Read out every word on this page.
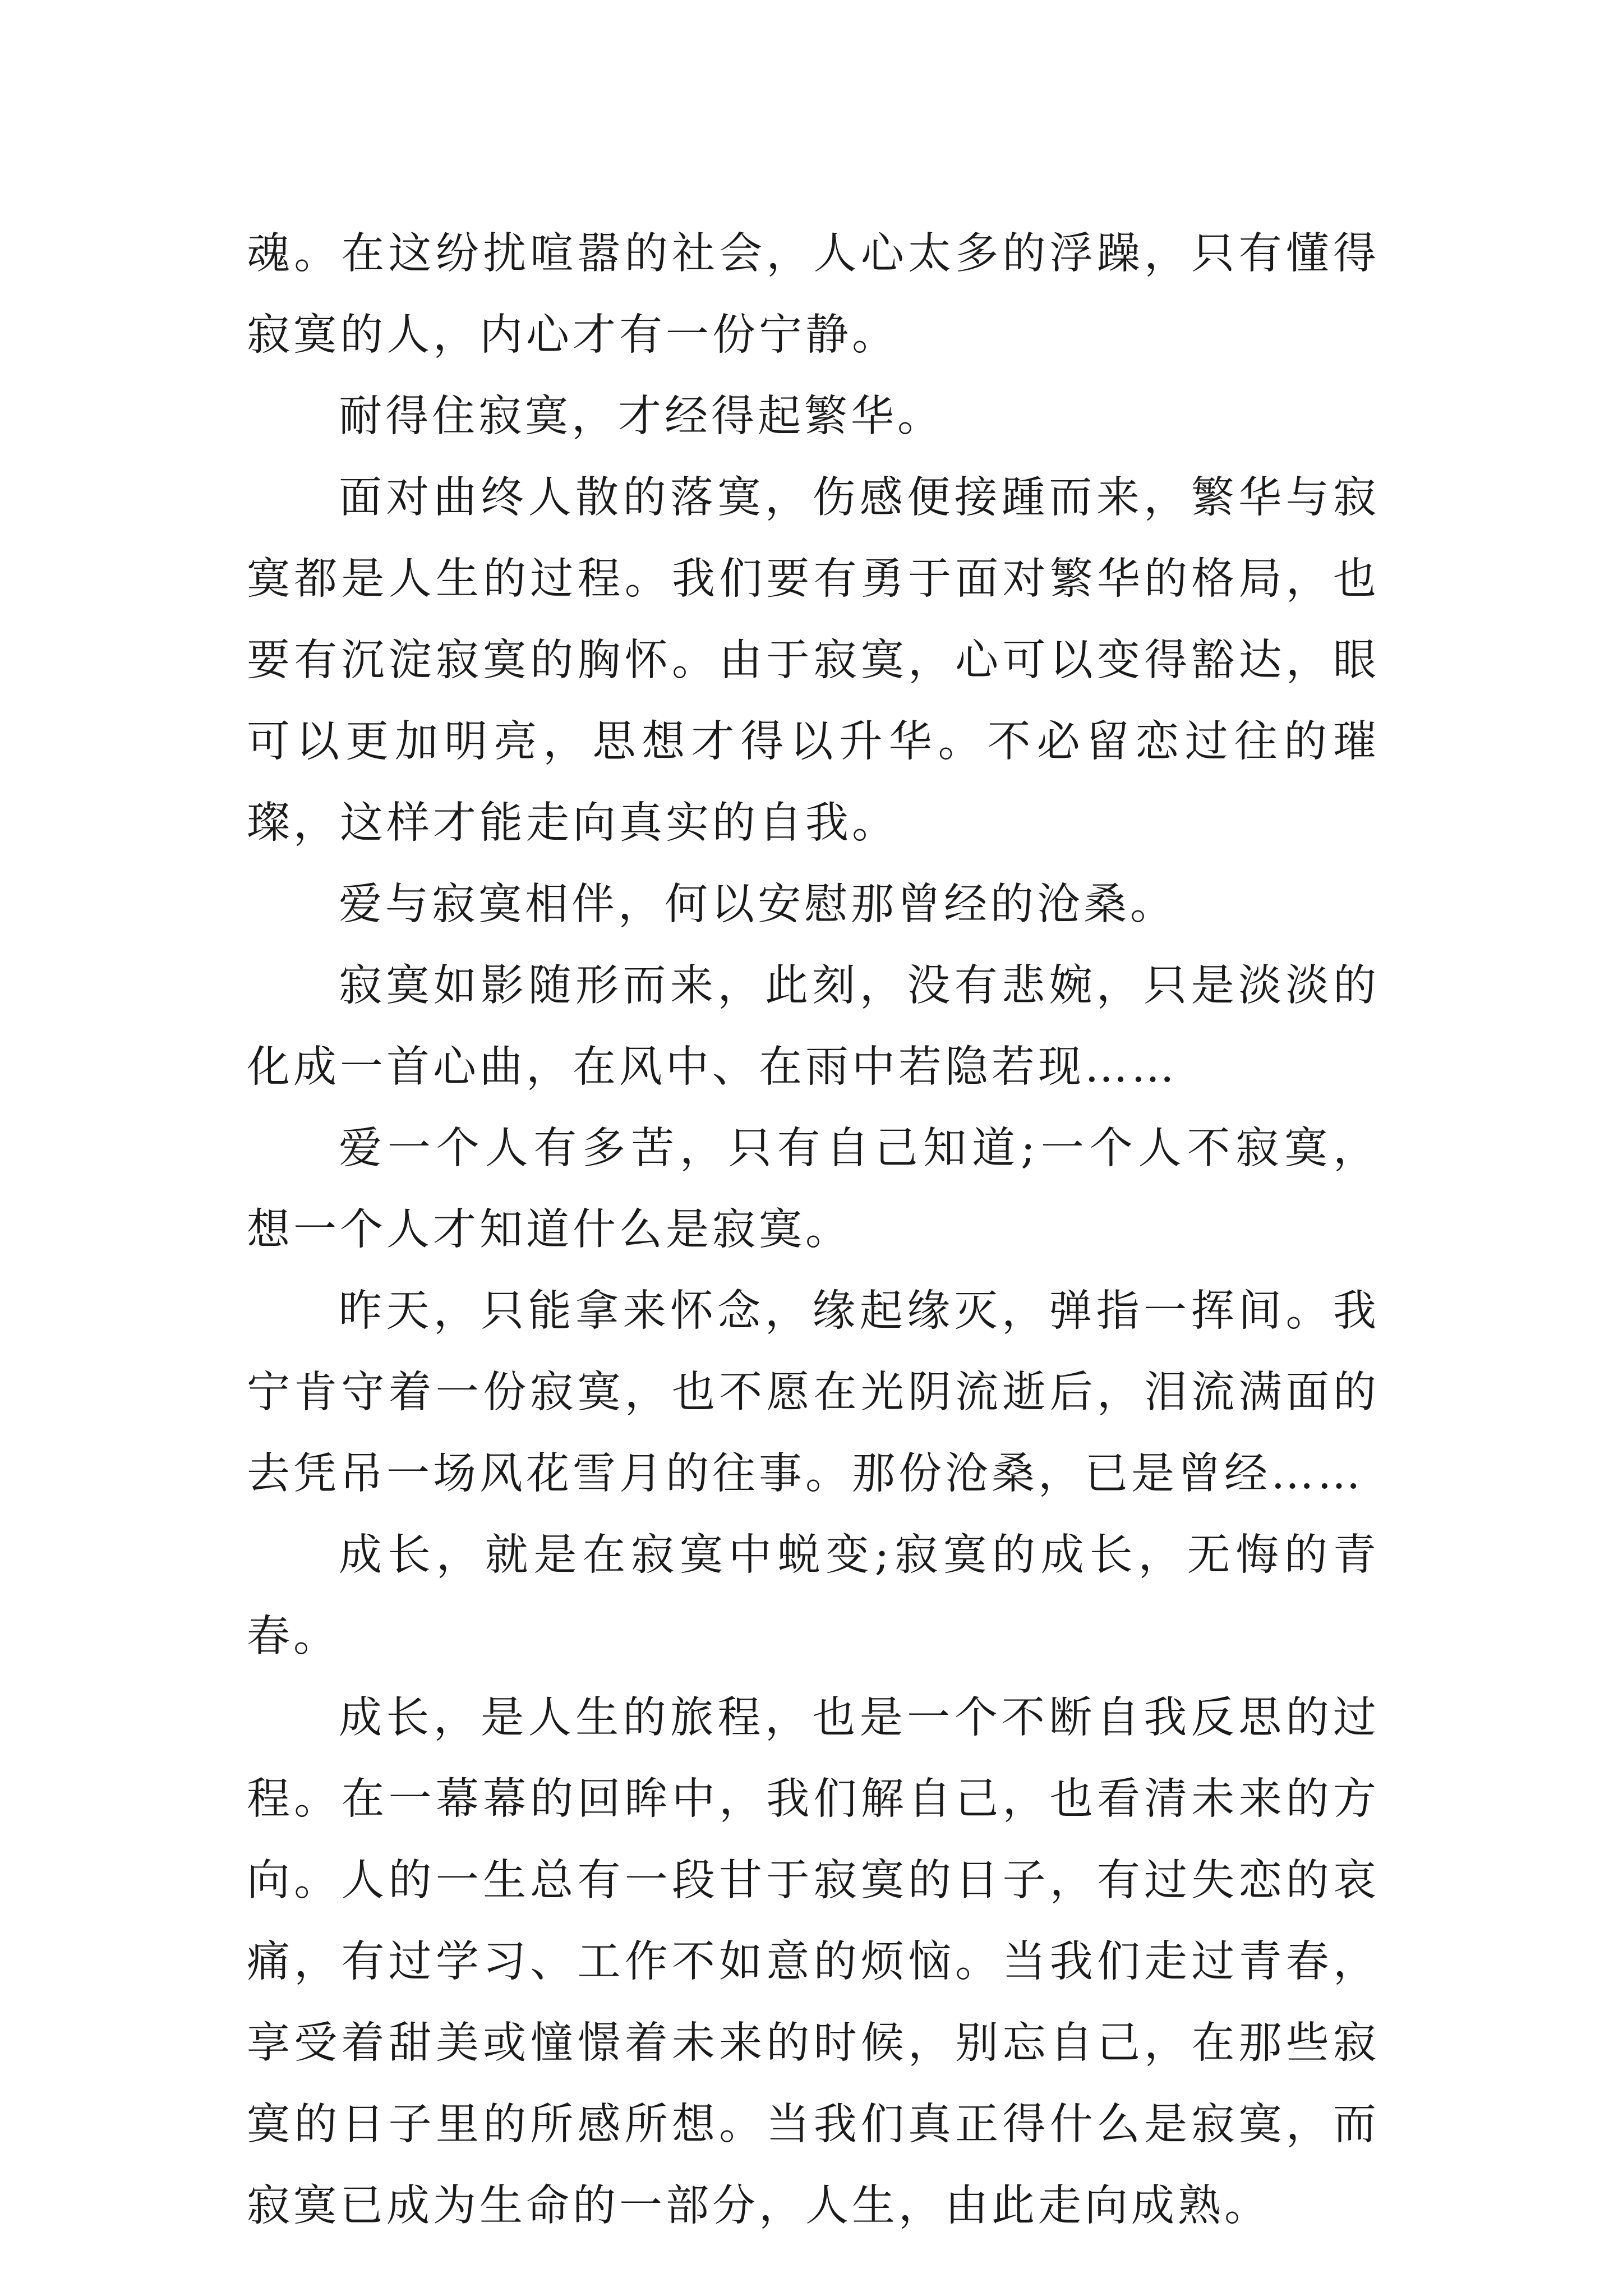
魂。在这纷扰喧嚣的社会，人心太多的浮躁，只有懂得寂寞的人，内心才有一份宁静。

耐得住寂寞，才经得起繁华。

面对曲终人散的落寞，伤感便接踵而来，繁华与寂寞都是人生的过程。我们要有勇于面对繁华的格局，也要有沉淀寂寞的胸怀。由于寂寞，心可以变得豁达，眼可以更加明亮，思想才得以升华。不必留恋过往的璀璨，这样才能走向真实的自我。

爱与寂寞相伴，何以安慰那曾经的沧桑。

寂寞如影随形而来，此刻，没有悲婉，只是淡淡的化成一首心曲，在风中、在雨中若隐若现……

爱一个人有多苦，只有自己知道;一个人不寂寞，想一个人才知道什么是寂寞。

昨天，只能拿来怀念，缘起缘灭，弹指一挥间。我宁肯守着一份寂寞，也不愿在光阴流逝后，泪流满面的去凭吊一场风花雪月的往事。那份沧桑，已是曾经……

成长，就是在寂寞中蜕变;寂寞的成长，无悔的青春。

成长，是人生的旅程，也是一个不断自我反思的过程。在一幕幕的回眸中，我们解自己，也看清未来的方向。人的一生总有一段甘于寂寞的日子，有过失恋的哀痛，有过学习、工作不如意的烦恼。当我们走过青春，享受着甜美或憧憬着未来的时候，别忘自己，在那些寂寞的日子里的所感所想。当我们真正得什么是寂寞，而寂寞已成为生命的一部分，人生，由此走向成熟。
